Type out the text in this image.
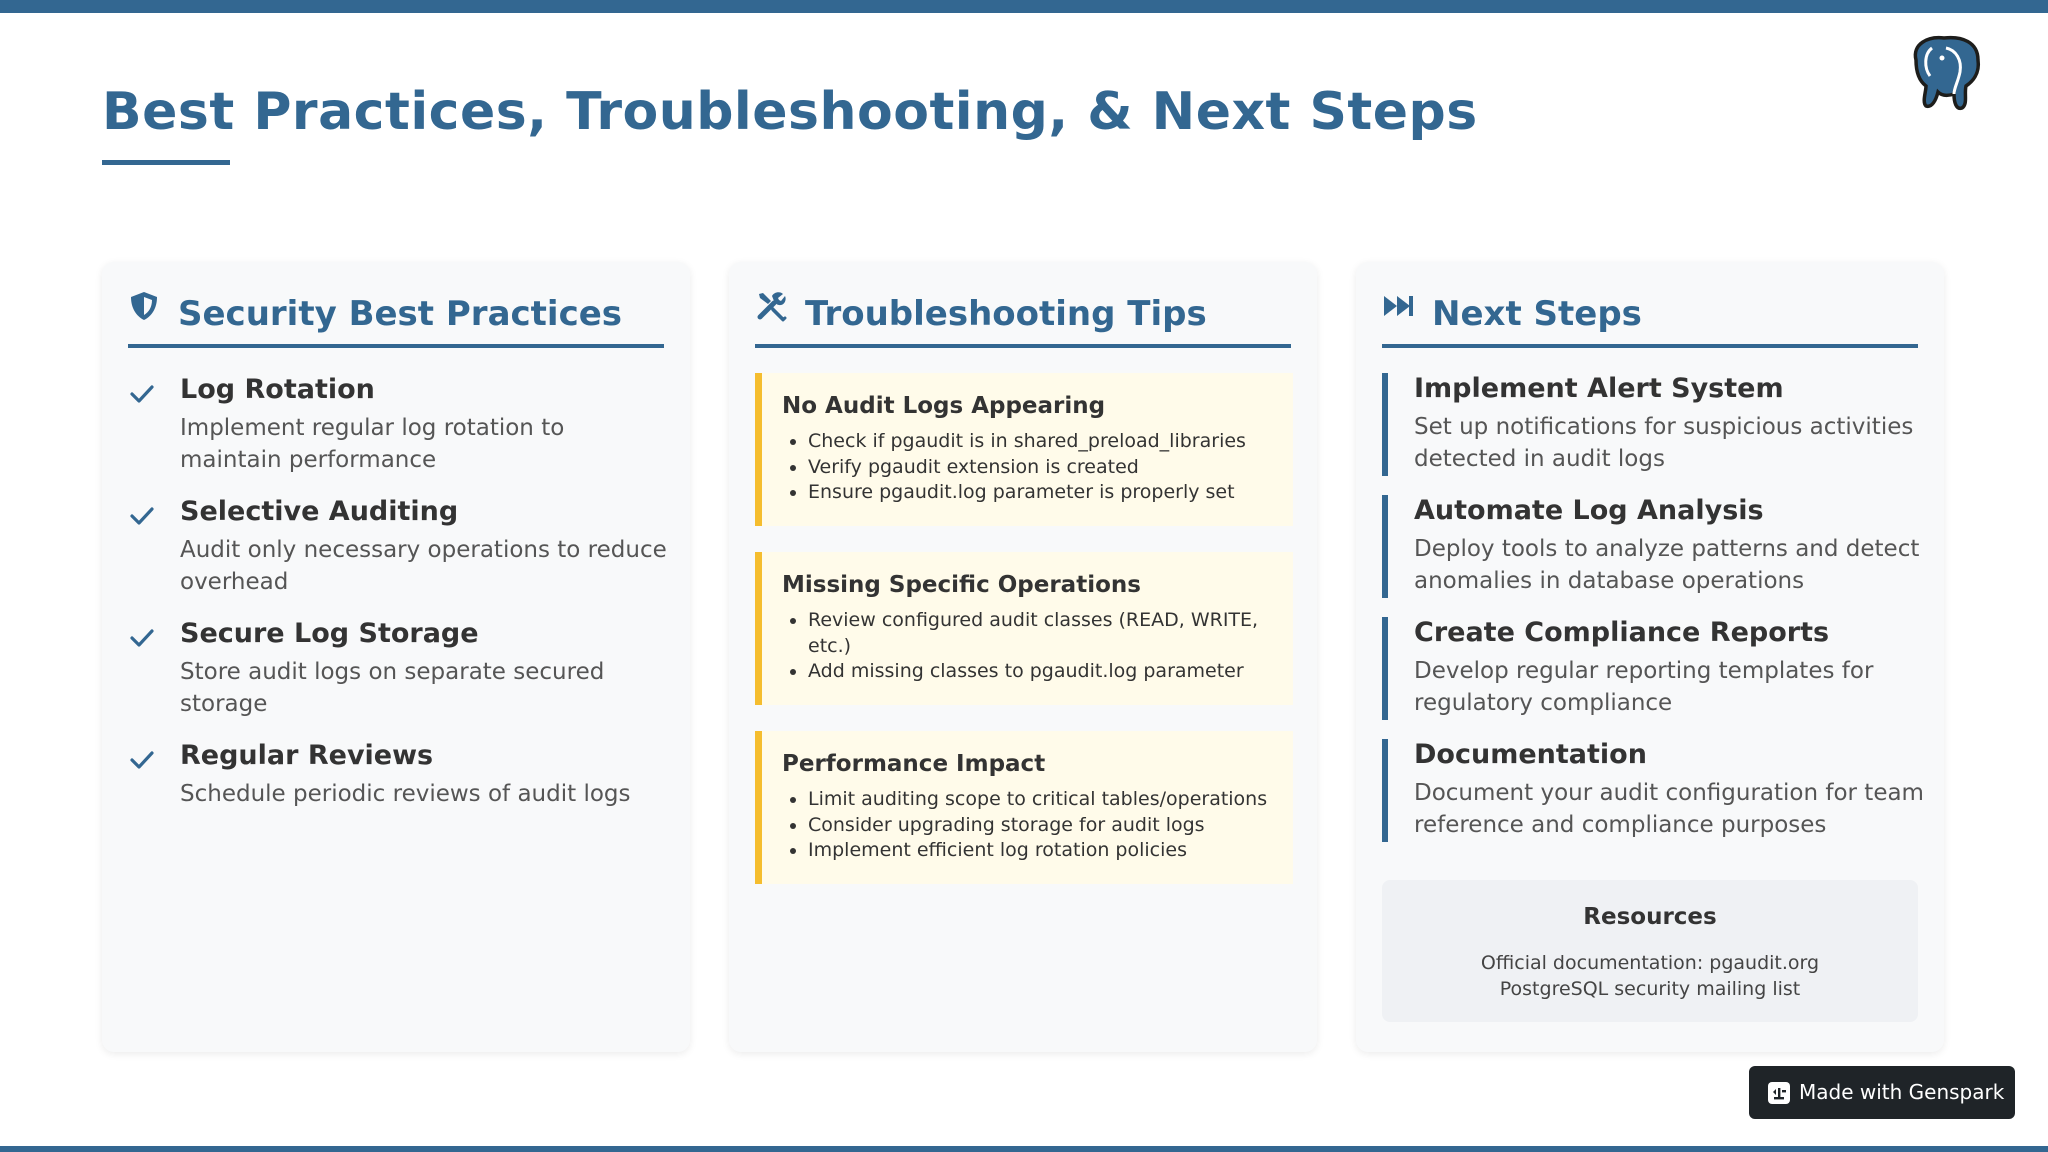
Best Practices, Troubleshooting, & Next Steps
Security Best Practices
Log Rotation
Implement regular log rotation to maintain performance
Selective Auditing
Audit only necessary operations to reduce overhead
Secure Log Storage
Store audit logs on separate secured storage
Regular Reviews
Schedule periodic reviews of audit logs
Troubleshooting Tips
No Audit Logs Appearing
• Check if pgaudit is in shared_preload_libraries
• Verify pgaudit extension is created
• Ensure pgaudit.log parameter is properly set
Missing Specific Operations
• Review configured audit classes (READ, WRITE, etc.)
• Add missing classes to pgaudit.log parameter
Performance Impact
• Limit auditing scope to critical tables/operations
• Consider upgrading storage for audit logs
• Implement efficient log rotation policies
Next Steps
Implement Alert System
Set up notifications for suspicious activities detected in audit logs
Automate Log Analysis
Deploy tools to analyze patterns and detect anomalies in database operations
Create Compliance Reports
Develop regular reporting templates for regulatory compliance
Documentation
Document your audit configuration for team reference and compliance purposes
Resources
Official documentation: pgaudit.org
PostgreSQL security mailing list
Made with Genspark
